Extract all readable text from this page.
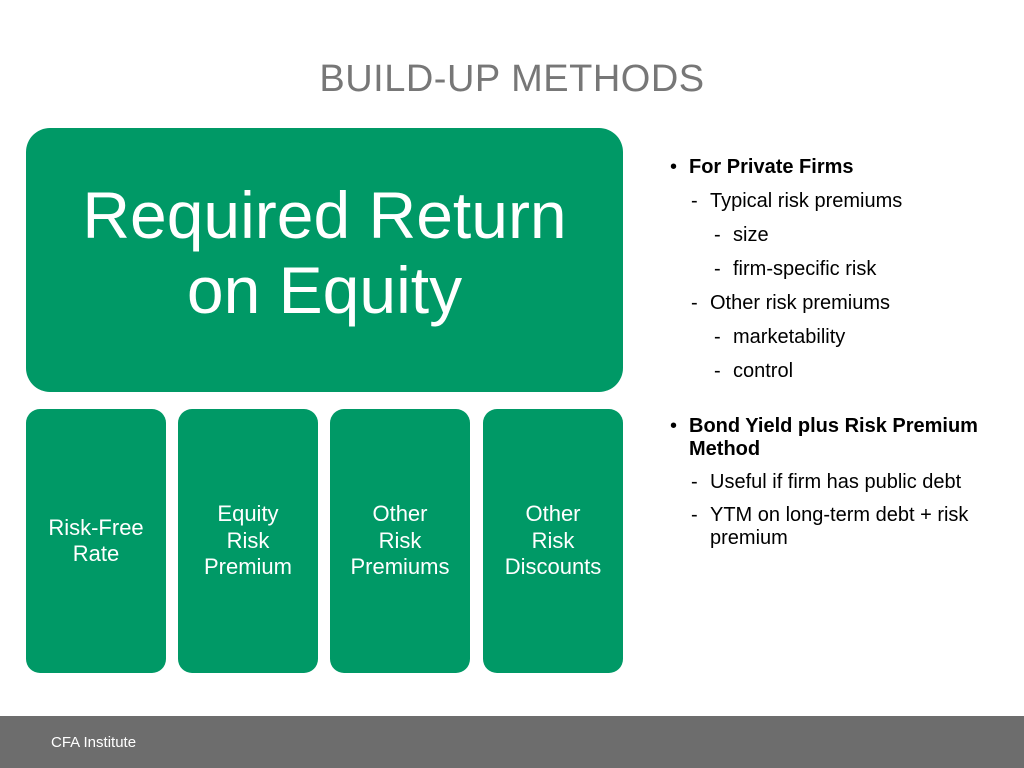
BUILD-UP METHODS
Required Return
on Equity
Risk-Free
Rate
Equity
Risk
Premium
Other
Risk
Premiums
Other
Risk
Discounts
• For Private Firms
- Typical risk premiums
- size
- firm-specific risk
- Other risk premiums
- marketability
- control
• Bond Yield plus Risk Premium Method
- Useful if firm has public debt
- YTM on long-term debt + risk premium
CFA Institute
